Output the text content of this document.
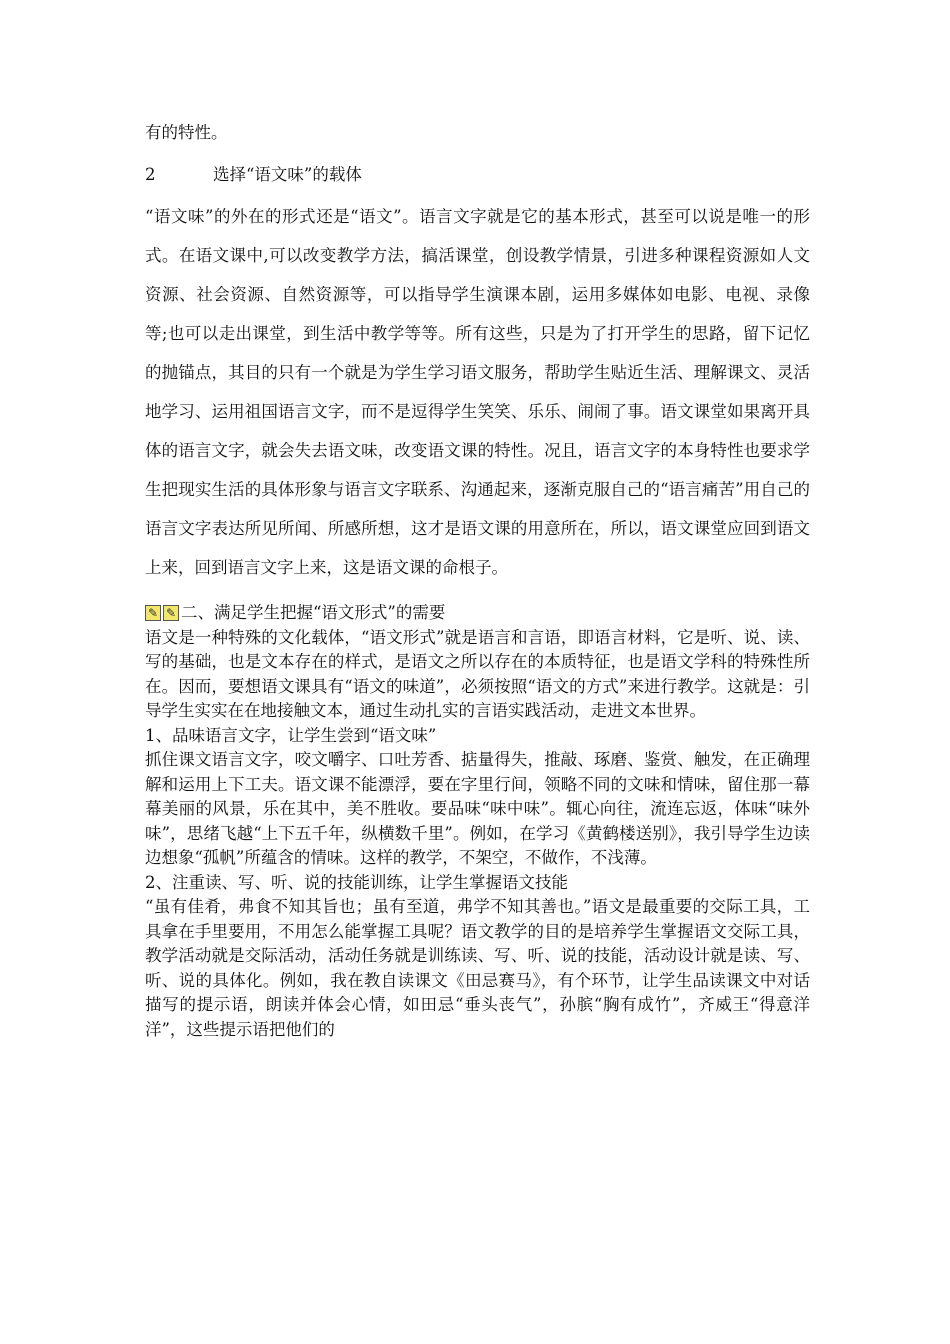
有的特性。

2	选择“语文味”的载体

“语文味”的外在的形式还是“语文”。语言文字就是它的基本形式，甚至可以说是唯一的形式。在语文课中,可以改变教学方法，搞活课堂，创设教学情景，引进多种课程资源如人文资源、社会资源、自然资源等，可以指导学生演课本剧，运用多媒体如电影、电视、录像等;也可以走出课堂，到生活中教学等等。所有这些，只是为了打开学生的思路，留下记忆的抛锚点，其目的只有一个就是为学生学习语文服务，帮助学生贴近生活、理解课文、灵活地学习、运用祖国语言文字，而不是逗得学生笑笑、乐乐、闹闹了事。语文课堂如果离开具体的语言文字，就会失去语文味，改变语文课的特性。况且，语言文字的本身特性也要求学生把现实生活的具体形象与语言文字联系、沟通起来，逐渐克服自己的“语言痛苦”用自己的语言文字表达所见所闻、所感所想，这才是语文课的用意所在，所以，语文课堂应回到语文上来，回到语言文字上来，这是语文课的命根子。

✎ ✎ 二、满足学生把握“语文形式”的需要

语文是一种特殊的文化载体，“语文形式”就是语言和言语，即语言材料，它是听、说、读、写的基础，也是文本存在的样式，是语文之所以存在的本质特征，也是语文学科的特殊性所在。因而，要想语文课具有“语文的味道”，必须按照“语文的方式”来进行教学。这就是：引导学生实实在在地接触文本，通过生动扎实的言语实践活动，走进文本世界。

1、品味语言文字，让学生尝到“语文味”

抓住课文语言文字，咬文嚼字、口吐芳香、掂量得失，推敲、琢磨、鉴赏、触发，在正确理解和运用上下工夫。语文课不能漂浮，要在字里行间，领略不同的文味和情味，留住那一幕幕美丽的风景，乐在其中，美不胜收。要品味“味中味”。辄心向往，流连忘返，体味“味外味”，思绪飞越“上下五千年，纵横数千里”。例如，在学习《黄鹤楼送别》，我引导学生边读边想象“孤帆”所蕴含的情味。这样的教学，不架空，不做作，不浅薄。

2、注重读、写、听、说的技能训练，让学生掌握语文技能

“虽有佳肴，弗食不知其旨也；虽有至道，弗学不知其善也。”语文是最重要的交际工具，工具拿在手里要用，不用怎么能掌握工具呢？语文教学的目的是培养学生掌握语文交际工具，教学活动就是交际活动，活动任务就是训练读、写、听、说的技能，活动设计就是读、写、听、说的具体化。例如，我在教自读课文《田忌赛马》，有个环节，让学生品读课文中对话描写的提示语，朗读并体会心情，如田忌“垂头丧气”，孙膑“胸有成竹”，齐威王“得意洋洋”，这些提示语把他们的
